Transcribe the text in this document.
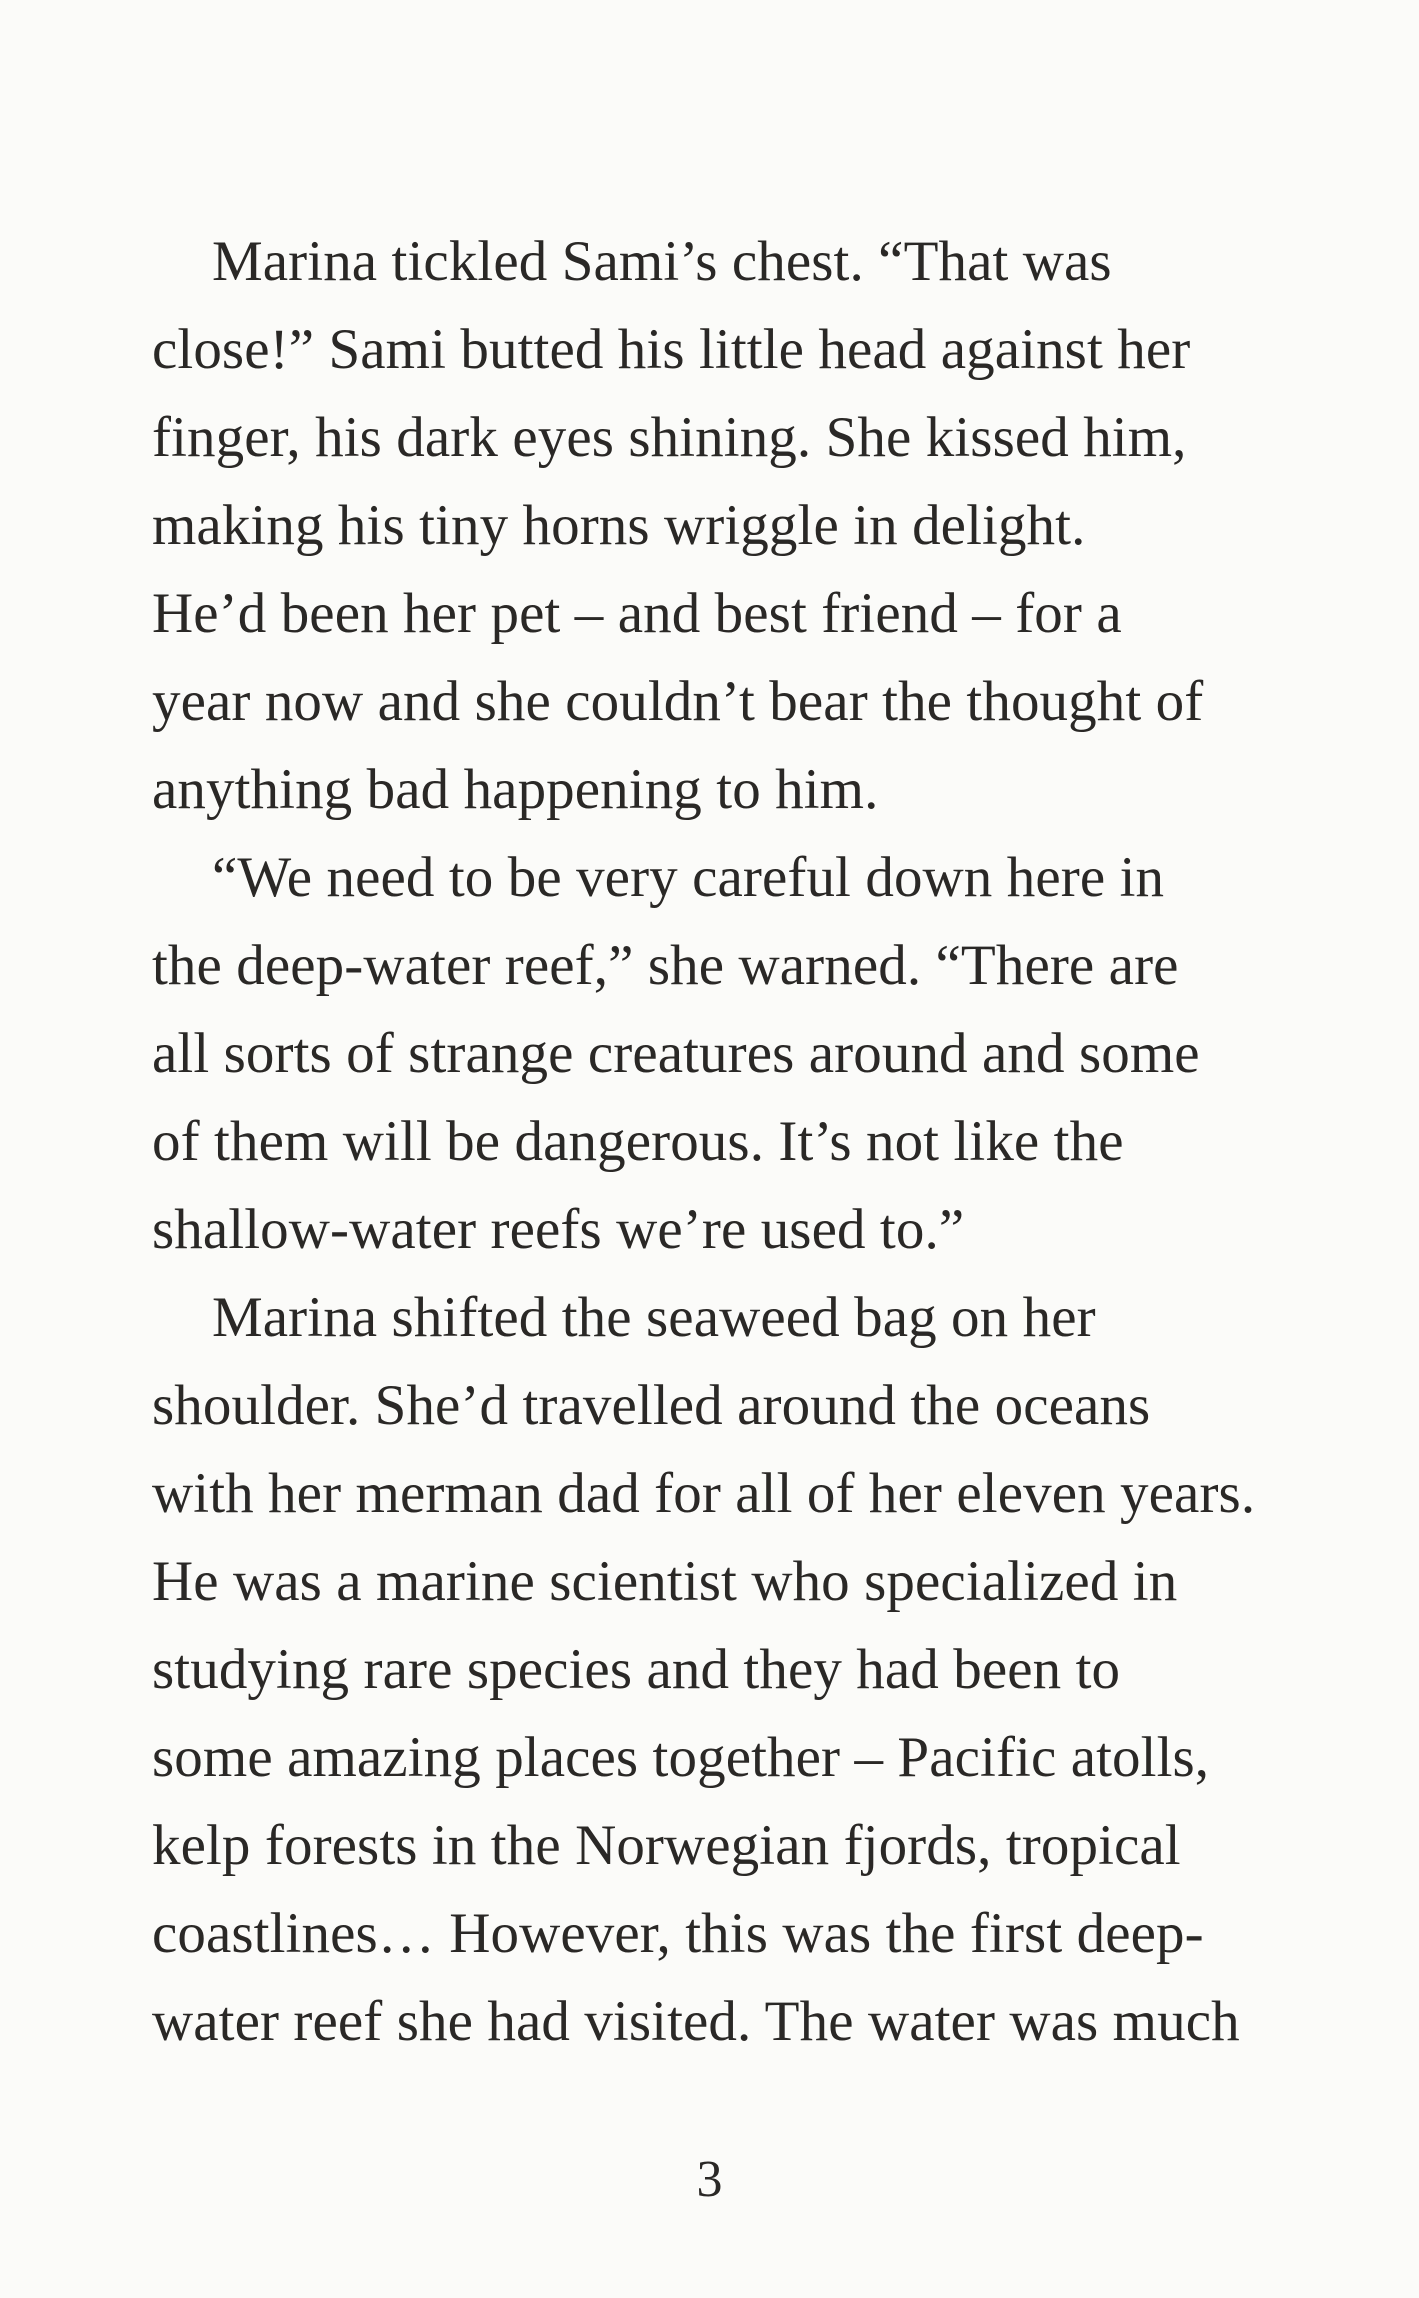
Marina tickled Sami’s chest. “That was
close!” Sami butted his little head against her
finger, his dark eyes shining. She kissed him,
making his tiny horns wriggle in delight.
He’d been her pet – and best friend – for a
year now and she couldn’t bear the thought of
anything bad happening to him.

“We need to be very careful down here in
the deep-water reef,” she warned. “There are
all sorts of strange creatures around and some
of them will be dangerous. It’s not like the
shallow-water reefs we’re used to.”

Marina shifted the seaweed bag on her
shoulder. She’d travelled around the oceans
with her merman dad for all of her eleven years.
He was a marine scientist who specialized in
studying rare species and they had been to
some amazing places together – Pacific atolls,
kelp forests in the Norwegian fjords, tropical
coastlines… However, this was the first deep-
water reef she had visited. The water was much

3
